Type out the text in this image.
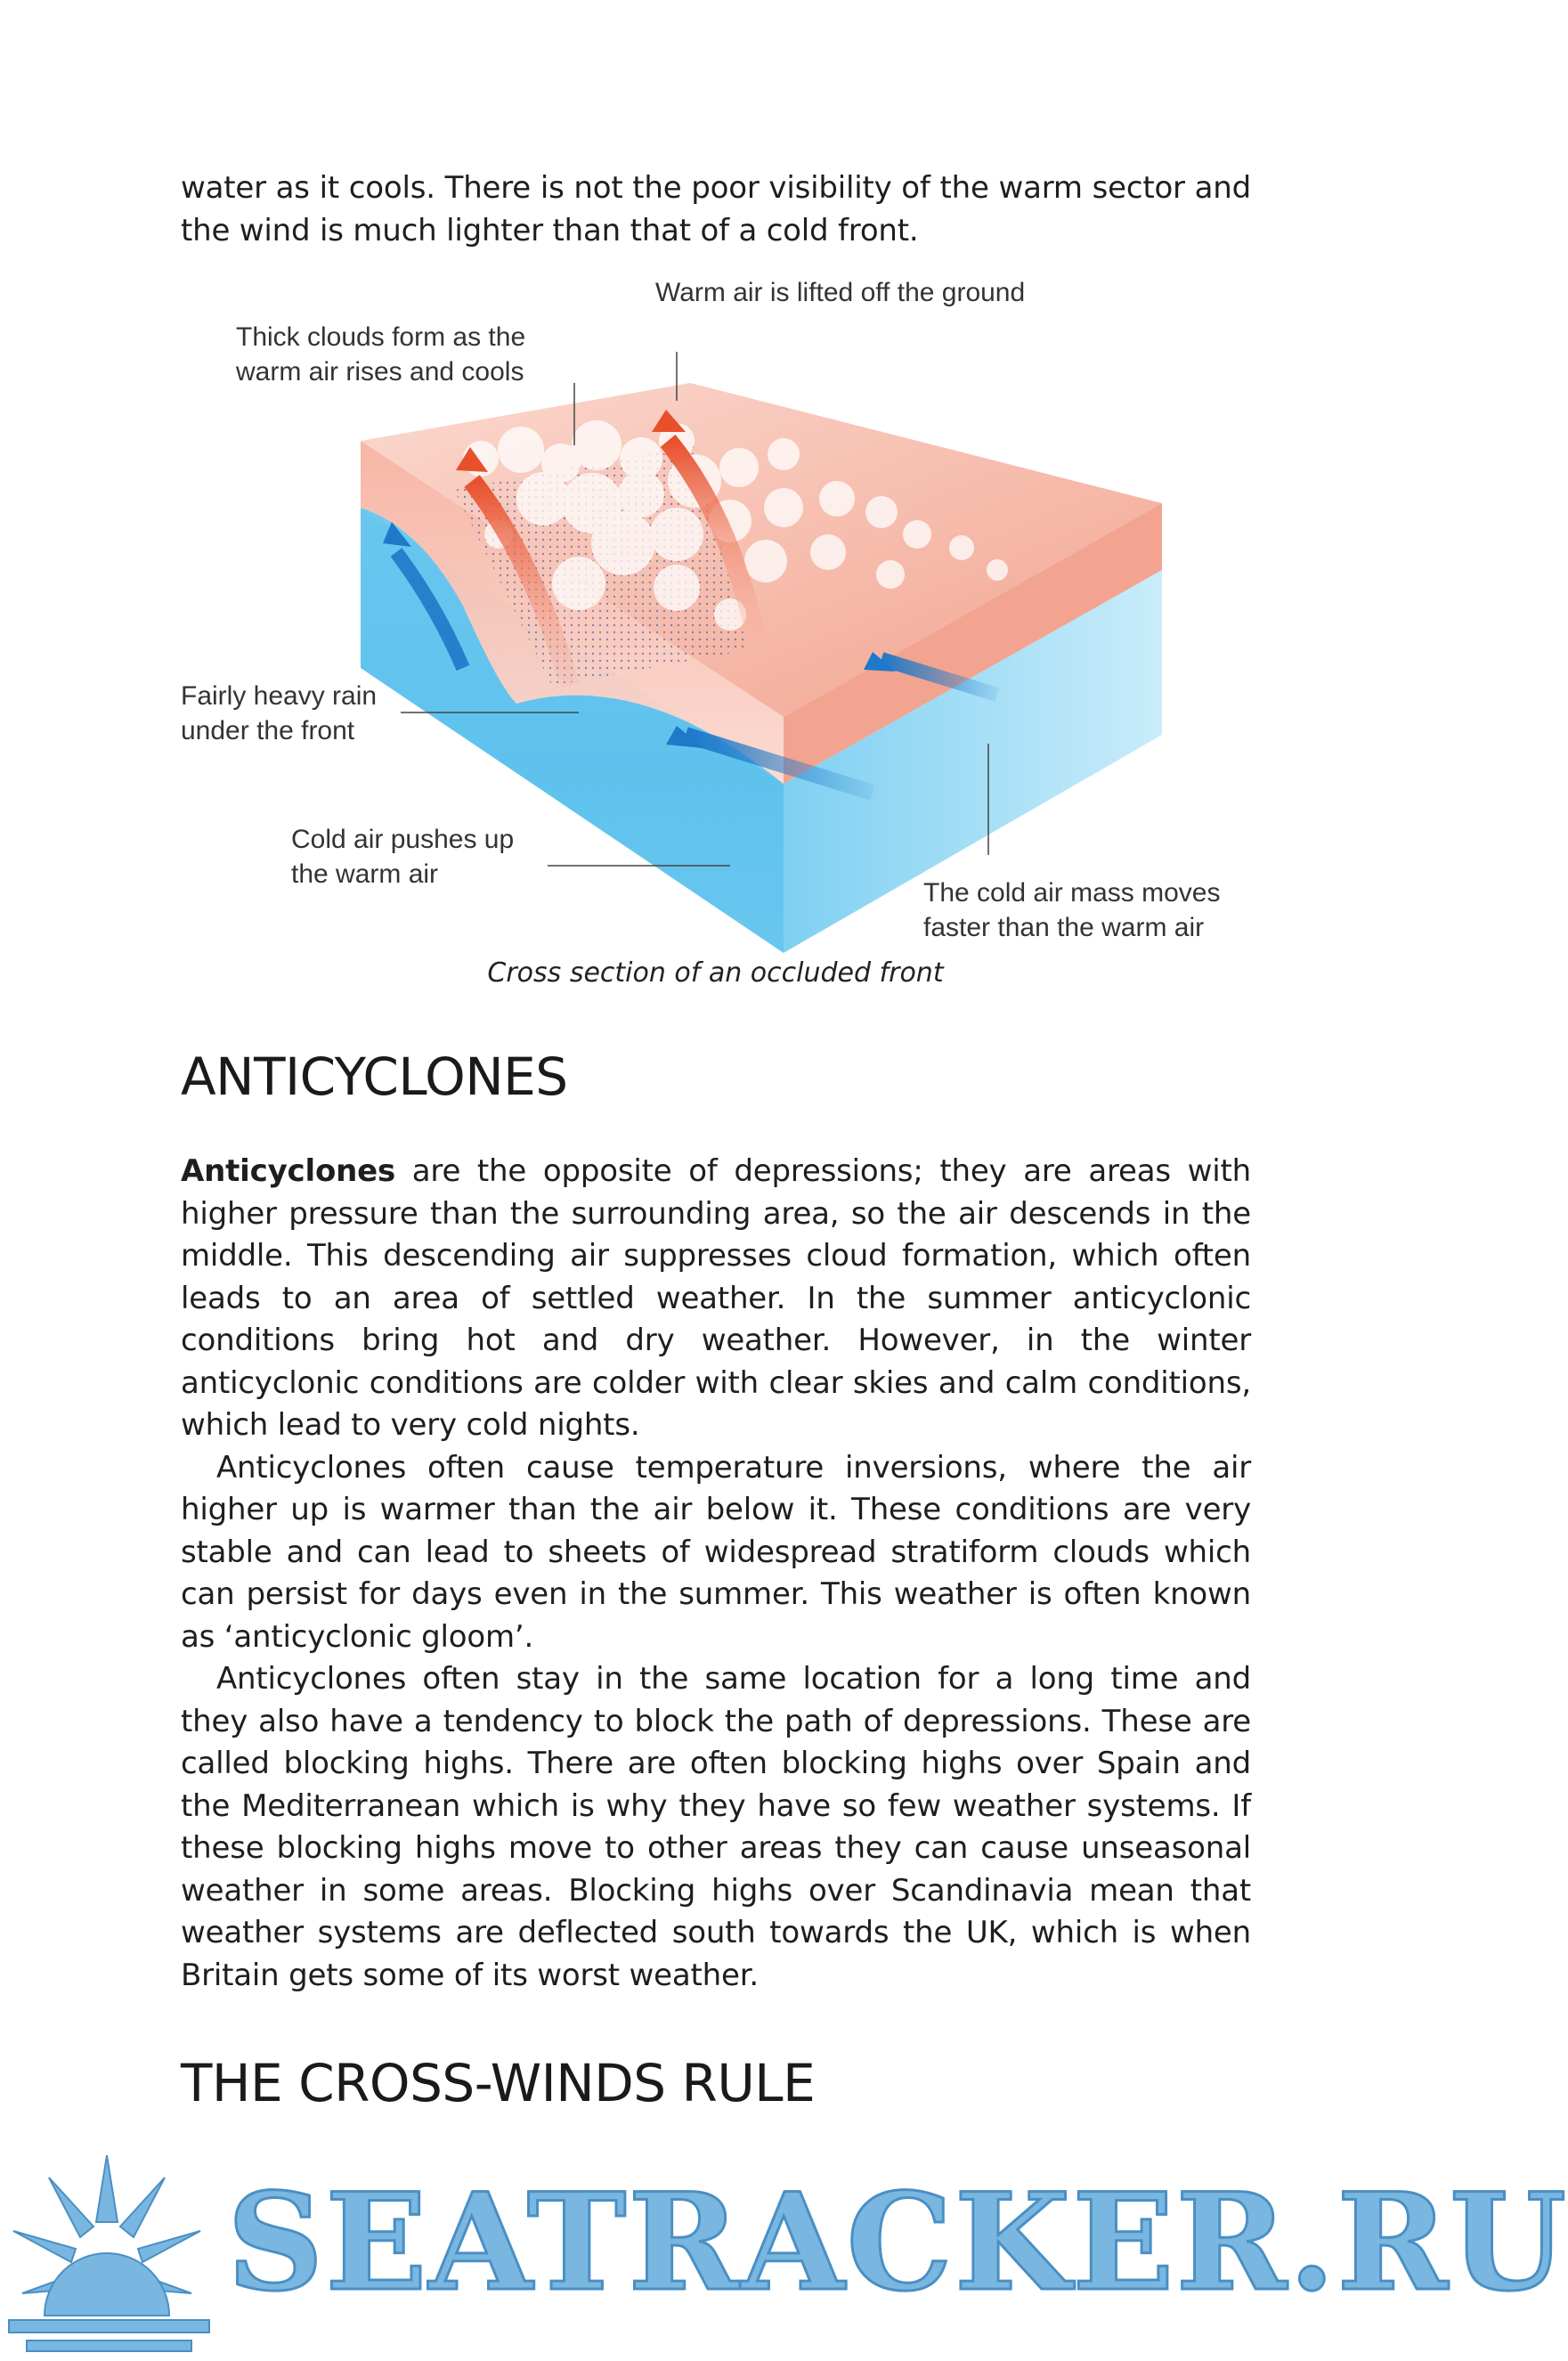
water as it cools. There is not the poor visibility of the warm sector and the wind is much lighter than that of a cold front.

Warm air is lifted off the ground
Thick clouds form as the warm air rises and cools
Fairly heavy rain under the front
Cold air pushes up the warm air
The cold air mass moves faster than the warm air
Cross section of an occluded front
ANTICYCLONES

Anticyclones are the opposite of depressions; they are areas with higher pressure than the surrounding area, so the air descends in the middle. This descending air suppresses cloud formation, which often leads to an area of settled weather. In the summer anticyclonic conditions bring hot and dry weather. However, in the winter anticyclonic conditions are colder with clear skies and calm conditions, which lead to very cold nights.

Anticyclones often cause temperature inversions, where the air higher up is warmer than the air below it. These conditions are very stable and can lead to sheets of widespread stratiform clouds which can persist for days even in the summer. This weather is often known as ‘anticyclonic gloom’.

Anticyclones often stay in the same location for a long time and they also have a tendency to block the path of depressions. These are called blocking highs. There are often blocking highs over Spain and the Mediterranean which is why they have so few weather systems. If these blocking highs move to other areas they can cause unseasonal weather in some areas. Blocking highs over Scandinavia mean that weather systems are deflected south towards the UK, which is when Britain gets some of its worst weather.

THE CROSS-WINDS RULE
SEATRACKER.RU
